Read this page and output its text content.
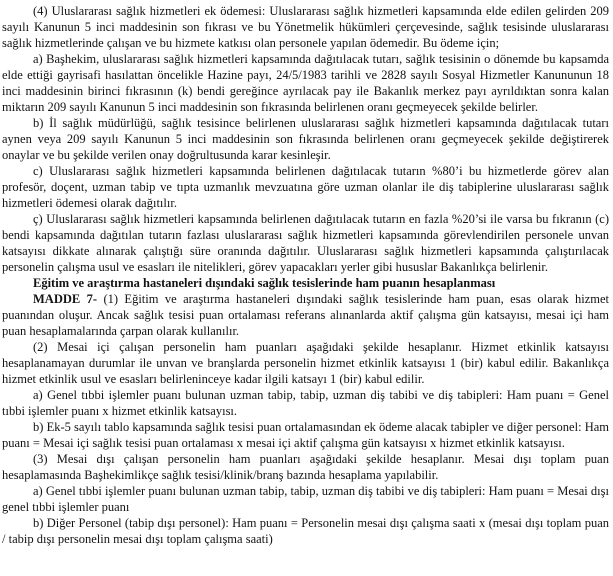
(4) Uluslararası sağlık hizmetleri ek ödemesi: Uluslararası sağlık hizmetleri kapsamında elde edilen gelirden 209 sayılı Kanunun 5 inci maddesinin son fıkrası ve bu Yönetmelik hükümleri çerçevesinde, sağlık tesisinde uluslararası sağlık hizmetlerinde çalışan ve bu hizmete katkısı olan personele yapılan ödemedir. Bu ödeme için;

a) Başhekim, uluslararası sağlık hizmetleri kapsamında dağıtılacak tutarı, sağlık tesisinin o dönemde bu kapsamda elde ettiği gayrisafi hasılattan öncelikle Hazine payı, 24/5/1983 tarihli ve 2828 sayılı Sosyal Hizmetler Kanununun 18 inci maddesinin birinci fıkrasının (k) bendi gereğince ayrılacak pay ile Bakanlık merkez payı ayrıldıktan sonra kalan miktarın 209 sayılı Kanunun 5 inci maddesinin son fıkrasında belirlenen oranı geçmeyecek şekilde belirler.

b) İl sağlık müdürlüğü, sağlık tesisince belirlenen uluslararası sağlık hizmetleri kapsamında dağıtılacak tutarı aynen veya 209 sayılı Kanunun 5 inci maddesinin son fıkrasında belirlenen oranı geçmeyecek şekilde değiştirerek onaylar ve bu şekilde verilen onay doğrultusunda karar kesinleşir.

c) Uluslararası sağlık hizmetleri kapsamında belirlenen dağıtılacak tutarın %80’i bu hizmetlerde görev alan profesör, doçent, uzman tabip ve tıpta uzmanlık mevzuatına göre uzman olanlar ile diş tabiplerine uluslararası sağlık hizmetleri ödemesi olarak dağıtılır.

ç) Uluslararası sağlık hizmetleri kapsamında belirlenen dağıtılacak tutarın en fazla %20’si ile varsa bu fıkranın (c) bendi kapsamında dağıtılan tutarın fazlası uluslararası sağlık hizmetleri kapsamında görevlendirilen personele unvan katsayısı dikkate alınarak çalıştığı süre oranında dağıtılır. Uluslararası sağlık hizmetleri kapsamında çalıştırılacak personelin çalışma usul ve esasları ile nitelikleri, görev yapacakları yerler gibi hususlar Bakanlıkça belirlenir.

Eğitim ve araştırma hastaneleri dışındaki sağlık tesislerinde ham puanın hesaplanması

MADDE 7- (1) Eğitim ve araştırma hastaneleri dışındaki sağlık tesislerinde ham puan, esas olarak hizmet puanından oluşur. Ancak sağlık tesisi puan ortalaması referans alınanlarda aktif çalışma gün katsayısı, mesai içi ham puan hesaplamalarında çarpan olarak kullanılır.

(2) Mesai içi çalışan personelin ham puanları aşağıdaki şekilde hesaplanır. Hizmet etkinlik katsayısı hesaplanamayan durumlar ile unvan ve branşlarda personelin hizmet etkinlik katsayısı 1 (bir) kabul edilir. Bakanlıkça hizmet etkinlik usul ve esasları belirleninceye kadar ilgili katsayı 1 (bir) kabul edilir.

a) Genel tıbbi işlemler puanı bulunan uzman tabip, tabip, uzman diş tabibi ve diş tabipleri: Ham puanı = Genel tıbbi işlemler puanı x hizmet etkinlik katsayısı.

b) Ek-5 sayılı tablo kapsamında sağlık tesisi puan ortalamasından ek ödeme alacak tabipler ve diğer personel: Ham puanı = Mesai içi sağlık tesisi puan ortalaması x mesai içi aktif çalışma gün katsayısı x hizmet etkinlik katsayısı.

(3) Mesai dışı çalışan personelin ham puanları aşağıdaki şekilde hesaplanır. Mesai dışı toplam puan hesaplamasında Başhekimlikçe sağlık tesisi/klinik/branş bazında hesaplama yapılabilir.

a) Genel tıbbi işlemler puanı bulunan uzman tabip, tabip, uzman diş tabibi ve diş tabipleri: Ham puanı = Mesai dışı genel tıbbi işlemler puanı

b) Diğer Personel (tabip dışı personel): Ham puanı = Personelin mesai dışı çalışma saati x (mesai dışı toplam puan / tabip dışı personelin mesai dışı toplam çalışma saati)
